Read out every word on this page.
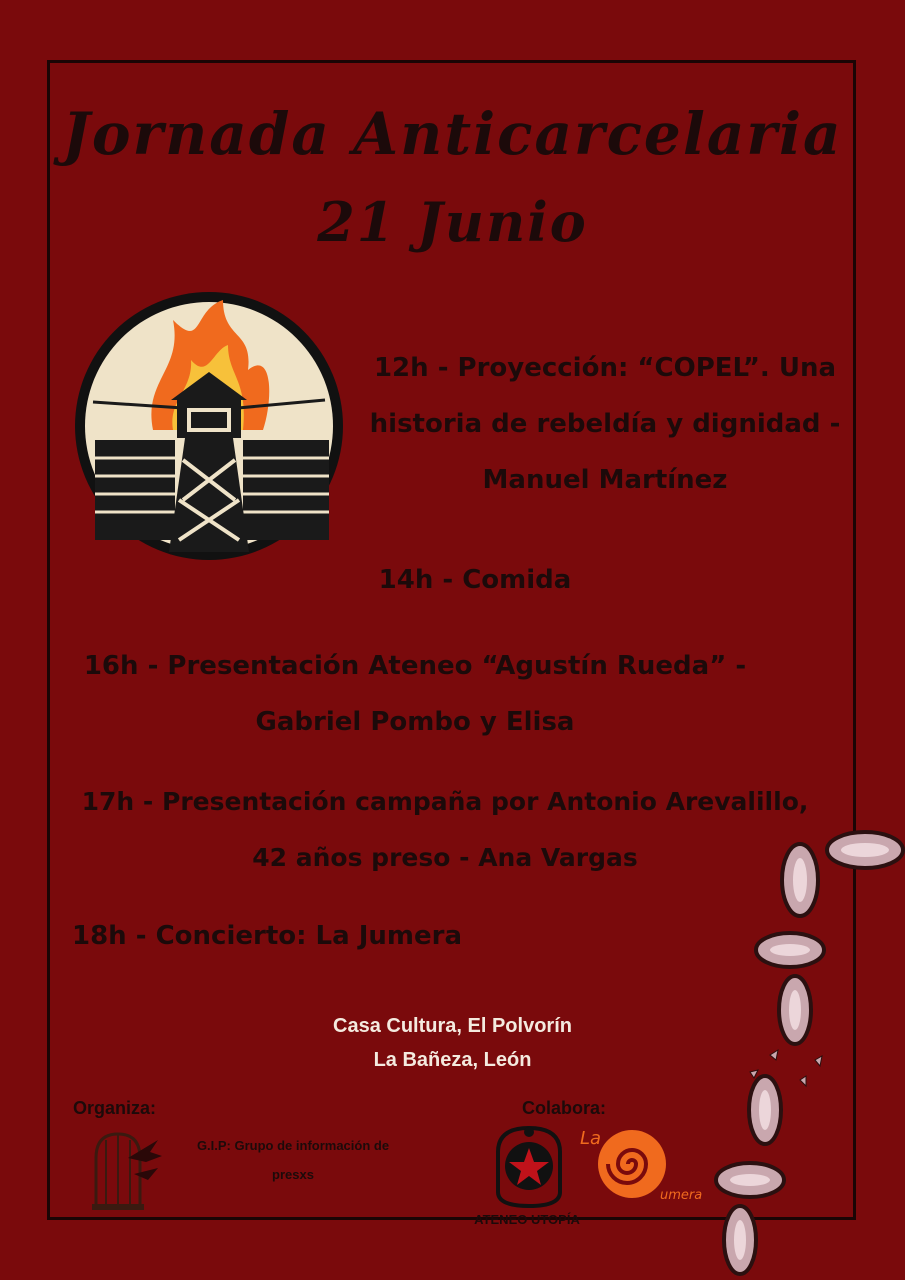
Jornada Anticarcelaria
21 Junio
12h - Proyección: “COPEL”. Una
historia de rebeldía y dignidad -
Manuel Martínez
14h - Comida
16h - Presentación Ateneo “Agustín Rueda” -
Gabriel Pombo y Elisa
17h - Presentación campaña por Antonio Arevalillo,
42 años preso - Ana Vargas
18h - Concierto: La Jumera
Casa Cultura, El Polvorín
La Bañeza, León
Organiza:
G.I.P: Grupo de información de
presxs
Colabora:
ATENEO UTOPÍA
La
umera
